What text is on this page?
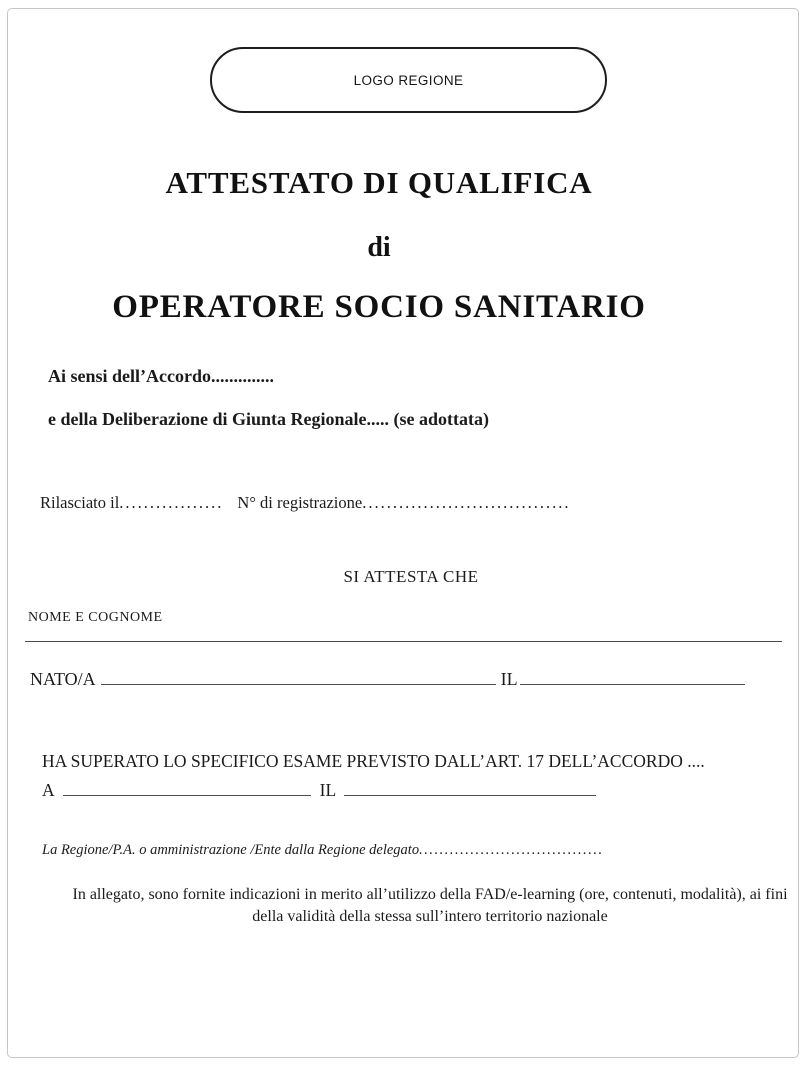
LOGO REGIONE
ATTESTATO DI QUALIFICA
di
OPERATORE SOCIO SANITARIO
Ai sensi dell’Accordo..............
e della Deliberazione di Giunta Regionale..... (se adottata)
Rilasciato il................. N° di registrazione..................................
SI ATTESTA CHE
NOME E COGNOME
NATO/A	IL
HA SUPERATO LO SPECIFICO ESAME PREVISTO DALL’ART. 17 DELL’ACCORDO ....
A	IL
La Regione/P.A. o amministrazione /Ente dalla Regione delegato....................................
In allegato, sono fornite indicazioni in merito all’utilizzo della FAD/e-learning (ore, contenuti, modalità), ai fini della validità della stessa sull’intero territorio nazionale
